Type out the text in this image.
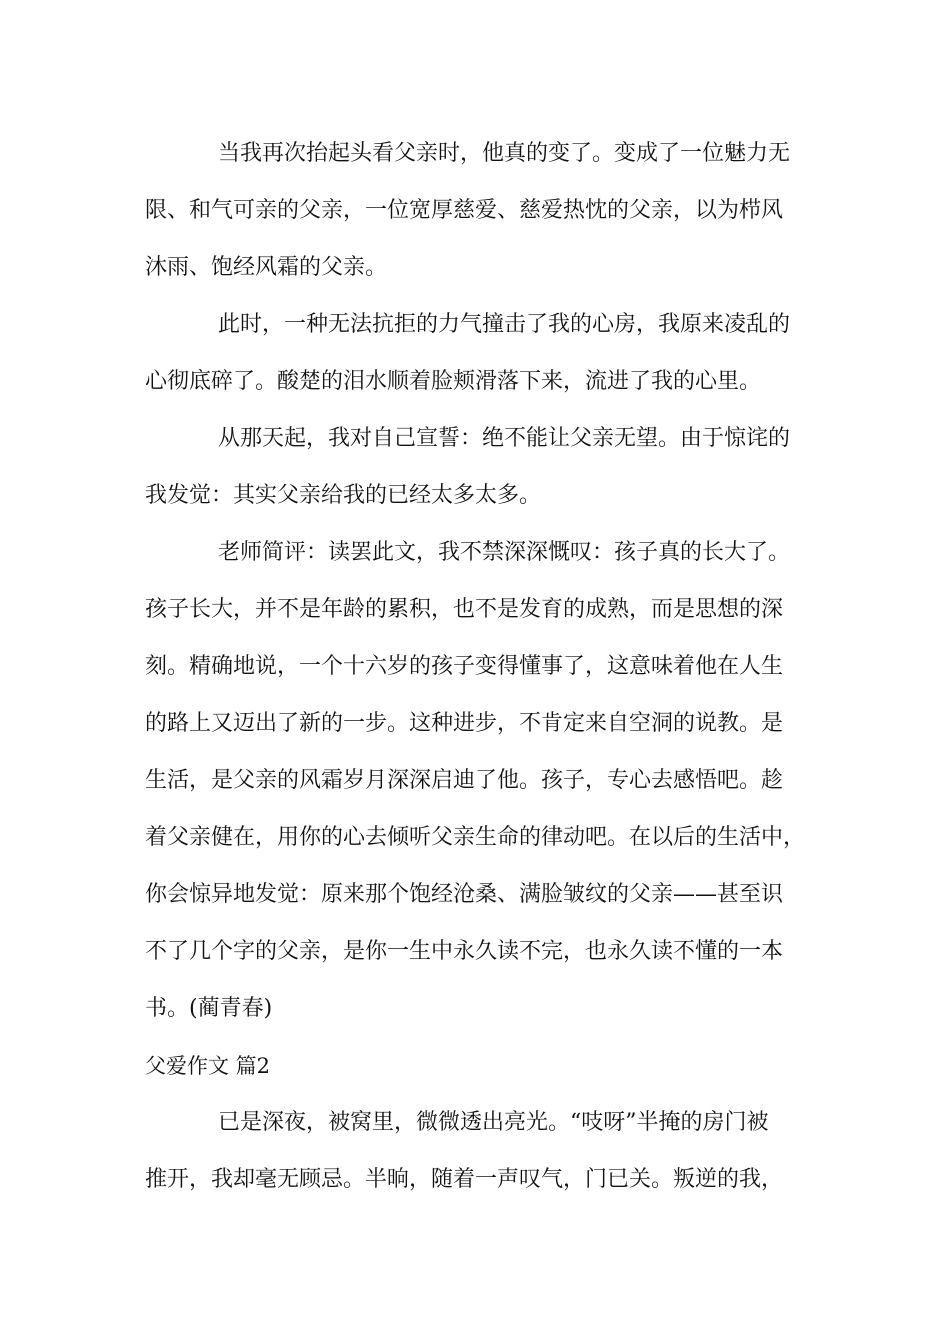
当我再次抬起头看父亲时，他真的变了。变成了一位魅力无
限、和气可亲的父亲，一位宽厚慈爱、慈爱热忱的父亲，以为栉风
沐雨、饱经风霜的父亲。
此时，一种无法抗拒的力气撞击了我的心房，我原来凌乱的
心彻底碎了。酸楚的泪水顺着脸颊滑落下来，流进了我的心里。
从那天起，我对自己宣誓：绝不能让父亲无望。由于惊诧的
我发觉：其实父亲给我的已经太多太多。
老师简评：读罢此文，我不禁深深慨叹：孩子真的长大了。
孩子长大，并不是年龄的累积，也不是发育的成熟，而是思想的深
刻。精确地说，一个十六岁的孩子变得懂事了，这意味着他在人生
的路上又迈出了新的一步。这种进步，不肯定来自空洞的说教。是
生活，是父亲的风霜岁月深深启迪了他。孩子，专心去感悟吧。趁
着父亲健在，用你的心去倾听父亲生命的律动吧。在以后的生活中，
你会惊异地发觉：原来那个饱经沧桑、满脸皱纹的父亲——甚至识
不了几个字的父亲，是你一生中永久读不完，也永久读不懂的一本
书。(蔺青春)
父爱作文 篇2
已是深夜，被窝里，微微透出亮光。“吱呀”半掩的房门被
推开，我却毫无顾忌。半晌，随着一声叹气，门已关。叛逆的我，
